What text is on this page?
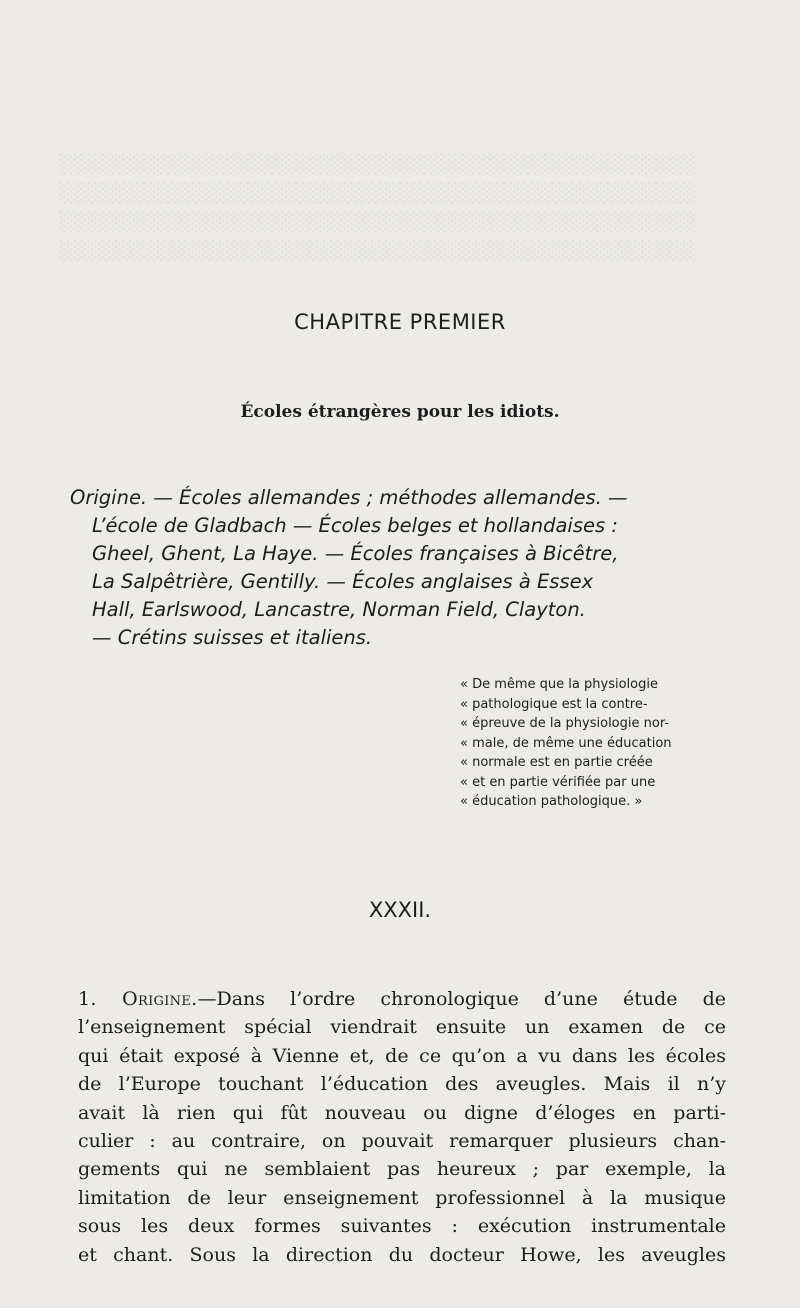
░░░░░░░░░░░░░░░░░░░░░░░░░░░░░░░░░░░░░░░░░░░░░░
░░░░░░░░░░░░░░░░░░░░░░░░░░░░░░░░░░░░░░░░░░░░░░
░░░░░░░░░░░░░░░░░░░░░░░░░░░░░░░░░░░░░░░░░░░░░░
░░░░░░░░░░░░░░░░░░░░░░░░░░░░░░░░░░░░░░░░░░░░░░
CHAPITRE PREMIER
Écoles étrangères pour les idiots.
Origine. — Écoles allemandes ; méthodes allemandes. —
L’école de Gladbach — Écoles belges et hollandaises :
Gheel, Ghent, La Haye. — Écoles françaises à Bicêtre,
La Salpêtrière, Gentilly. — Écoles anglaises à Essex
Hall, Earlswood, Lancastre, Norman Field, Clayton.
— Crétins suisses et italiens.
« De même que la physiologie
« pathologique est la contre-
« épreuve de la physiologie nor-
« male, de même une éducation
« normale est en partie créée
« et en partie vérifiée par une
« éducation pathologique. »
XXXII.
1. Origine.—Dans l’ordre chronologique d’une étude de
l’enseignement spécial viendrait ensuite un examen de ce
qui était exposé à Vienne et, de ce qu’on a vu dans les écoles
de l’Europe touchant l’éducation des aveugles. Mais il n’y
avait là rien qui fût nouveau ou digne d’éloges en parti-
culier : au contraire, on pouvait remarquer plusieurs chan-
gements qui ne semblaient pas heureux ; par exemple, la
limitation de leur enseignement professionnel à la musique
sous les deux formes suivantes : exécution instrumentale
et chant. Sous la direction du docteur Howe, les aveugles
